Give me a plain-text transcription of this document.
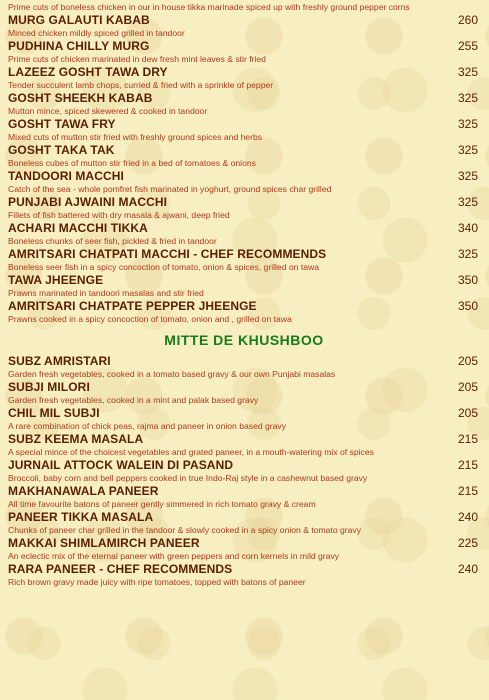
Prime cuts of boneless chicken in our in house tikka marinade spiced up with freshly ground pepper corns
260
MURG GALAUTI KABAB
Minced chicken mildly spiced grilled in tandoor
255
PUDHINA CHILLY MURG
Prime cuts of chicken marinated in dew fresh mint leaves & stir fried
325
LAZEEZ GOSHT TAWA DRY
Tender succulent lamb chops, curried & fried with a sprinkle of pepper
325
GOSHT SHEEKH KABAB
Mutton mince, spiced skewered & cooked in tandoor
325
GOSHT TAWA FRY
Mixed cuts of mutton stir fried with freshly ground spices and herbs
325
GOSHT TAKA TAK
Boneless cubes of mutton stir fried in a bed of tomatoes & onions
325
TANDOORI MACCHI
Catch of the sea - whole pomfret fish marinated in yoghurt, ground spices char grilled
325
PUNJABI AJWAINI MACCHI
Fillets of fish battered with dry masala & ajwani, deep fried
340
ACHARI MACCHI TIKKA
Boneless chunks of seer fish, pickled & fried in tandoor
325
AMRITSARI CHATPATI MACCHI - CHEF RECOMMENDS
Boneless seer fish in a spicy concoction of tomato, onion & spices, grilled on tawa
350
TAWA JHEENGE
Prawns marinated in tandoori masalas and stir fried
350
AMRITSARI CHATPATE PEPPER JHEENGE
Prawns cooked in a spicy concoction of tomato, onion and , grilled on tawa
MITTE DE KHUSHBOO
205
SUBZ AMRISTARI
Garden fresh vegetables, cooked in a tomato based gravy & our own Punjabi masalas
205
SUBJI MILORI
Garden fresh vegetables, cooked in a mint and palak based gravy
205
CHIL MIL SUBJI
A rare combination of chick peas, rajma and paneer in onion based gravy
215
SUBZ KEEMA MASALA
A special mince of the choicest vegetables and grated paneer, in a mouth-watering mix of spices
215
JURNAIL ATTOCK WALEIN DI PASAND
Broccoli, baby corn and bell peppers cooked in true Indo-Raj style in a cashewnut based gravy
215
MAKHANAWALA PANEER
All time favourite batons of paneer gently simmered in rich tomato gravy & cream
240
PANEER TIKKA MASALA
Chunks of paneer char grilled in the tandoor & slowly cooked in a spicy onion & tomato gravy
225
MAKKAI SHIMLAMIRCH PANEER
An eclectic mix of the eternal paneer with green peppers and corn kernels in mild gravy
240
RARA PANEER - CHEF RECOMMENDS
Rich brown gravy made juicy with ripe tomatoes, topped with batons of paneer
